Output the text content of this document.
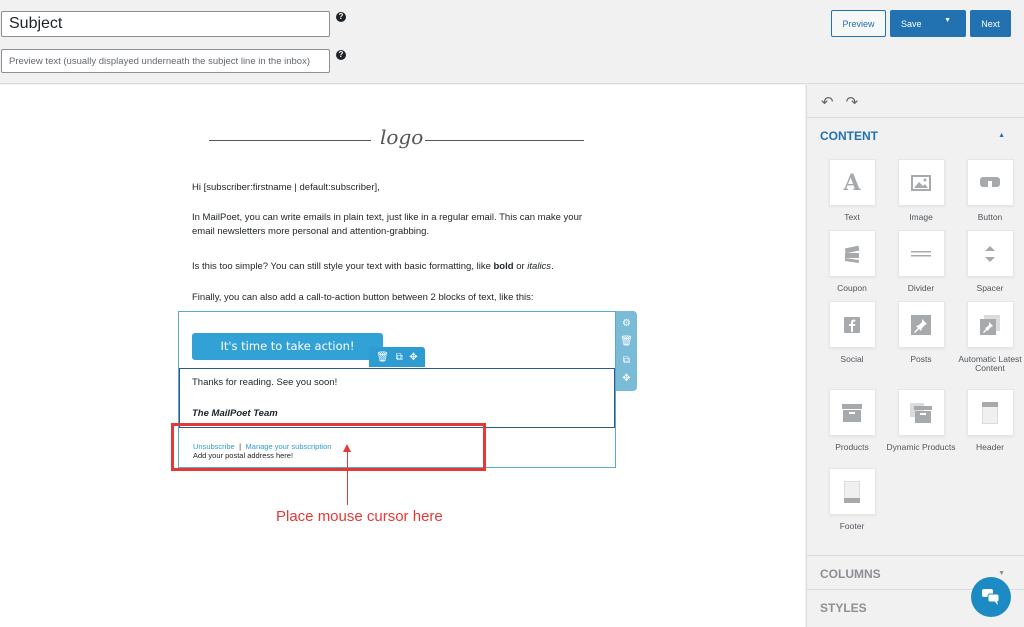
Subject
?
Preview text (usually displayed underneath the subject line in the inbox)
?
Preview	Save	▼	Next
logo

Hi [subscriber:firstname | default:subscriber],

In MailPoet, you can write emails in plain text, just like in a regular email. This can make your email newsletters more personal and attention-grabbing.

Is this too simple? You can still style your text with basic formatting, like bold or italics.

Finally, you can also add a call-to-action button between 2 blocks of text, like this:

It's time to take action!
🗑 ⧉ ✥
⚙
🗑
⧉
✥

Thanks for reading. See you soon!

The MailPoet Team

Unsubscribe | Manage your subscription
Add your postal address here!
Place mouse cursor here
↶ ↷
CONTENT	▲
A
Text	Image	Button
Coupon	Divider	Spacer
Social	Posts	Automatic Latest Content
Products	Dynamic Products	Header
Footer
COLUMNS	▼
STYLES
